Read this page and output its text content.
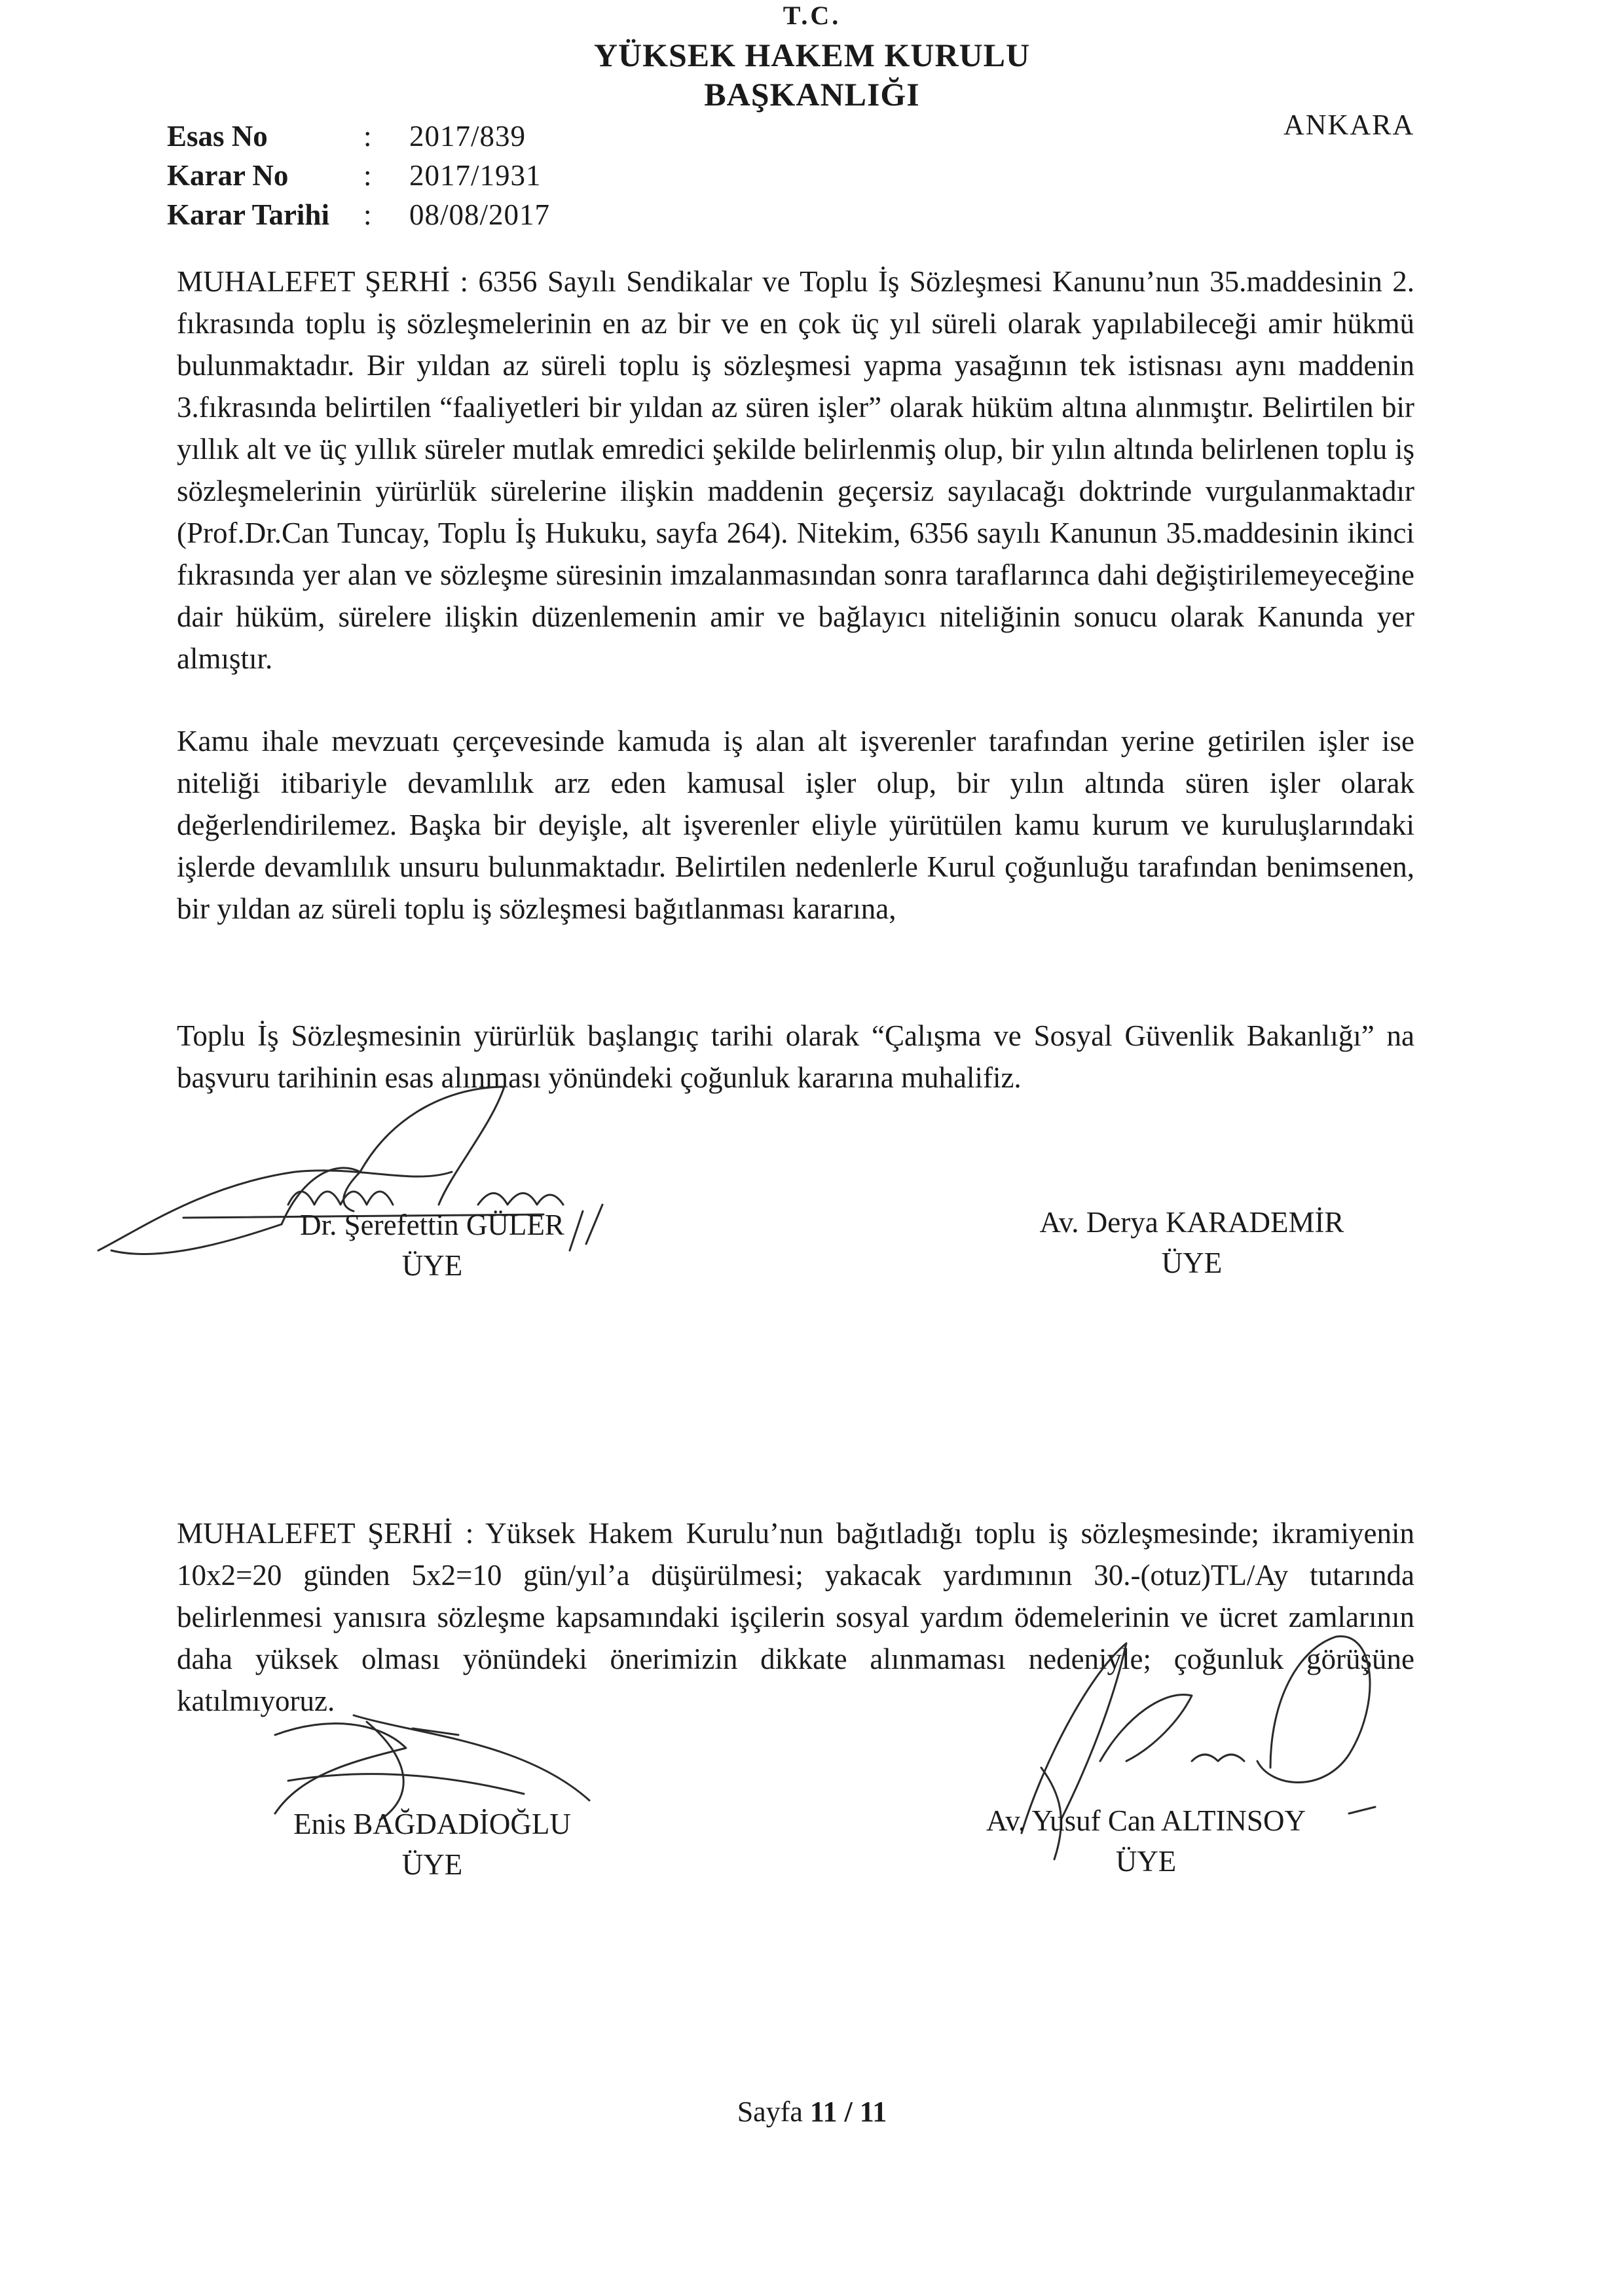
T.C.
YÜKSEK HAKEM KURULU
BAŞKANLIĞI
ANKARA
Esas No	:	2017/839
Karar No	:	2017/1931
Karar Tarihi	:	08/08/2017

MUHALEFET ŞERHİ : 6356 Sayılı Sendikalar ve Toplu İş Sözleşmesi Kanunu’nun 35.maddesinin 2. fıkrasında toplu iş sözleşmelerinin en az bir ve en çok üç yıl süreli olarak yapılabileceği amir hükmü bulunmaktadır. Bir yıldan az süreli toplu iş sözleşmesi yapma yasağının tek istisnası aynı maddenin 3.fıkrasında belirtilen “faaliyetleri bir yıldan az süren işler” olarak hüküm altına alınmıştır. Belirtilen bir yıllık alt ve üç yıllık süreler mutlak emredici şekilde belirlenmiş olup, bir yılın altında belirlenen toplu iş sözleşmelerinin yürürlük sürelerine ilişkin maddenin geçersiz sayılacağı doktrinde vurgulanmaktadır (Prof.Dr.Can Tuncay, Toplu İş Hukuku, sayfa 264). Nitekim, 6356 sayılı Kanunun 35.maddesinin ikinci fıkrasında yer alan ve sözleşme süresinin imzalanmasından sonra taraflarınca dahi değiştirilemeyeceğine dair hüküm, sürelere ilişkin düzenlemenin amir ve bağlayıcı niteliğinin sonucu olarak Kanunda yer almıştır.

Kamu ihale mevzuatı çerçevesinde kamuda iş alan alt işverenler tarafından yerine getirilen işler ise niteliği itibariyle devamlılık arz eden kamusal işler olup, bir yılın altında süren işler olarak değerlendirilemez. Başka bir deyişle, alt işverenler eliyle yürütülen kamu kurum ve kuruluşlarındaki işlerde devamlılık unsuru bulunmaktadır. Belirtilen nedenlerle Kurul çoğunluğu tarafından benimsenen, bir yıldan az süreli toplu iş sözleşmesi bağıtlanması kararına,

Toplu İş Sözleşmesinin yürürlük başlangıç tarihi olarak “Çalışma ve Sosyal Güvenlik Bakanlığı” na başvuru tarihinin esas alınması yönündeki çoğunluk kararına muhalifiz.

Dr. Şerefettin GÜLER
ÜYE
Av. Derya KARADEMİR
ÜYE

MUHALEFET ŞERHİ : Yüksek Hakem Kurulu’nun bağıtladığı toplu iş sözleşmesinde; ikramiyenin 10x2=20 günden 5x2=10 gün/yıl’a düşürülmesi; yakacak yardımının 30.-(otuz)TL/Ay tutarında belirlenmesi yanısıra sözleşme kapsamındaki işçilerin sosyal yardım ödemelerinin ve ücret zamlarının daha yüksek olması yönündeki önerimizin dikkate alınmaması nedeniyle; çoğunluk görüşüne katılmıyoruz.

Enis BAĞDADİOĞLU
ÜYE
Av. Yusuf Can ALTINSOY
ÜYE
Sayfa 11 / 11
